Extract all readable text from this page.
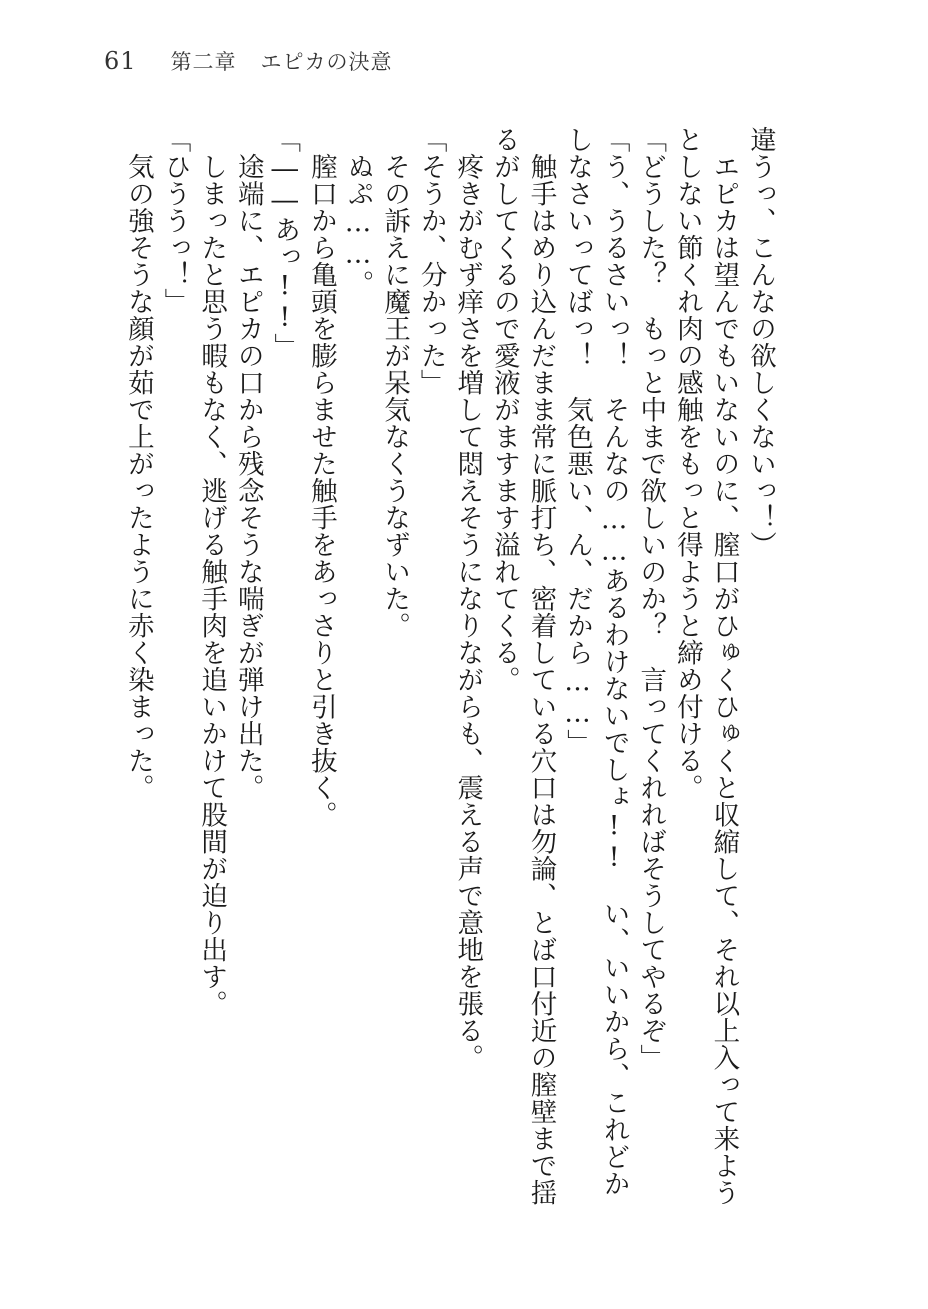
61 第二章 エピカの決意

違うっ、こんなの欲しくないっ！）

　エピカは望んでもいないのに、膣口がひゅくひゅくと収縮して、それ以上入って来ようとしない節くれ肉の感触をもっと得ようと締め付ける。

「どうした？　もっと中まで欲しいのか？　言ってくれればそうしてやるぞ」

「う、うるさいっ！　そんなの……あるわけないでしょ!!　い、いいから、これどかしなさいってばっ！　気色悪い、ん、だから……」

　触手はめり込んだまま常に脈打ち、密着している穴口は勿論、とば口付近の膣壁まで揺るがしてくるので愛液がますます溢れてくる。

　疼きがむず痒さを増して悶えそうになりながらも、震える声で意地を張る。

「そうか、分かった」

　その訴えに魔王が呆気なくうなずいた。

　ぬぷ……。

　膣口から亀頭を膨らませた触手をあっさりと引き抜く。

「――あっ!!」

　途端に、エピカの口から残念そうな喘ぎが弾け出た。

　しまったと思う暇もなく、逃げる触手肉を追いかけて股間が迫り出す。

「ひううっ！」

　気の強そうな顔が茹で上がったように赤く染まった。
